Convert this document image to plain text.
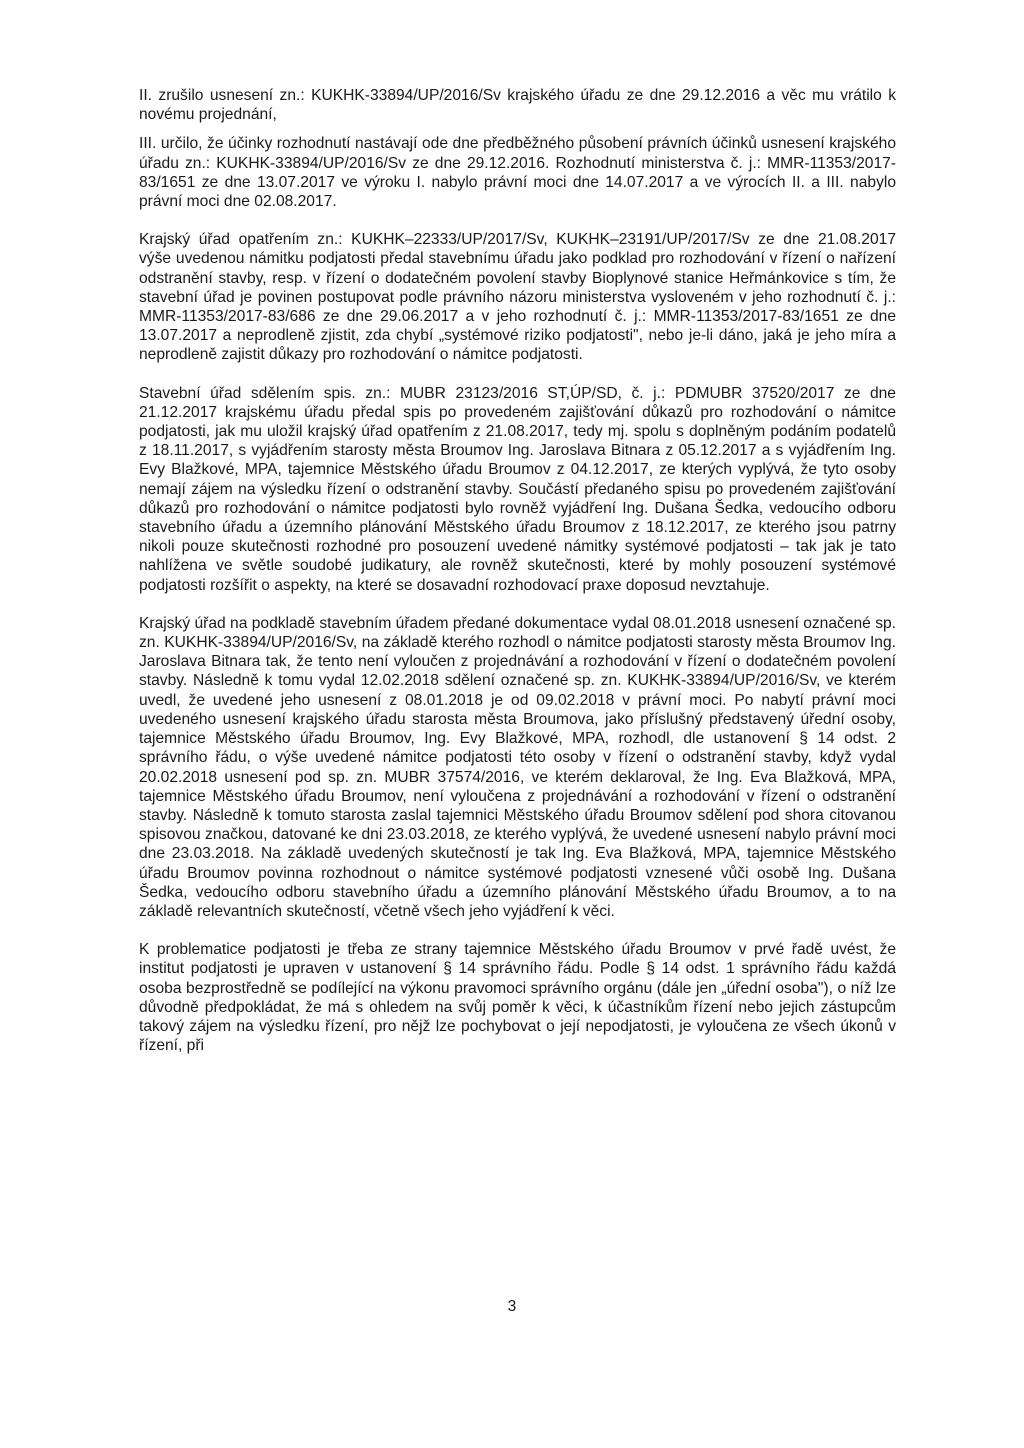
II. zrušilo usnesení zn.: KUKHK-33894/UP/2016/Sv krajského úřadu ze dne 29.12.2016 a věc mu vrátilo k novému projednání,

III. určilo, že účinky rozhodnutí nastávají ode dne předběžného působení právních účinků usnesení krajského úřadu zn.: KUKHK-33894/UP/2016/Sv ze dne 29.12.2016. Rozhodnutí ministerstva č. j.: MMR-11353/2017-83/1651 ze dne 13.07.2017 ve výroku I. nabylo právní moci dne 14.07.2017 a ve výrocích II. a III. nabylo právní moci dne 02.08.2017.

Krajský úřad opatřením zn.: KUKHK–22333/UP/2017/Sv, KUKHK–23191/UP/2017/Sv ze dne 21.08.2017 výše uvedenou námitku podjatosti předal stavebnímu úřadu jako podklad pro rozhodování v řízení o nařízení odstranění stavby, resp. v řízení o dodatečném povolení stavby Bioplynové stanice Heřmánkovice s tím, že stavební úřad je povinen postupovat podle právního názoru ministerstva vysloveném v jeho rozhodnutí č. j.: MMR-11353/2017-83/686 ze dne 29.06.2017 a v jeho rozhodnutí č. j.: MMR-11353/2017-83/1651 ze dne 13.07.2017 a neprodleně zjistit, zda chybí „systémové riziko podjatosti", nebo je-li dáno, jaká je jeho míra a neprodleně zajistit důkazy pro rozhodování o námitce podjatosti.

Stavební úřad sdělením spis. zn.: MUBR 23123/2016 ST,ÚP/SD, č. j.: PDMUBR 37520/2017 ze dne 21.12.2017 krajskému úřadu předal spis po provedeném zajišťování důkazů pro rozhodování o námitce podjatosti, jak mu uložil krajský úřad opatřením z 21.08.2017, tedy mj. spolu s doplněným podáním podatelů z 18.11.2017, s vyjádřením starosty města Broumov Ing. Jaroslava Bitnara z 05.12.2017 a s vyjádřením Ing. Evy Blažkové, MPA, tajemnice Městského úřadu Broumov z 04.12.2017, ze kterých vyplývá, že tyto osoby nemají zájem na výsledku řízení o odstranění stavby. Součástí předaného spisu po provedeném zajišťování důkazů pro rozhodování o námitce podjatosti bylo rovněž vyjádření Ing. Dušana Šedka, vedoucího odboru stavebního úřadu a územního plánování Městského úřadu Broumov z 18.12.2017, ze kterého jsou patrny nikoli pouze skutečnosti rozhodné pro posouzení uvedené námitky systémové podjatosti – tak jak je tato nahlížena ve světle soudobé judikatury, ale rovněž skutečnosti, které by mohly posouzení systémové podjatosti rozšířit o aspekty, na které se dosavadní rozhodovací praxe doposud nevztahuje.

Krajský úřad na podkladě stavebním úřadem předané dokumentace vydal 08.01.2018 usnesení označené sp. zn. KUKHK-33894/UP/2016/Sv, na základě kterého rozhodl o námitce podjatosti starosty města Broumov Ing. Jaroslava Bitnara tak, že tento není vyloučen z projednávání a rozhodování v řízení o dodatečném povolení stavby. Následně k tomu vydal 12.02.2018 sdělení označené sp. zn. KUKHK-33894/UP/2016/Sv, ve kterém uvedl, že uvedené jeho usnesení z 08.01.2018 je od 09.02.2018 v právní moci. Po nabytí právní moci uvedeného usnesení krajského úřadu starosta města Broumova, jako příslušný představený úřední osoby, tajemnice Městského úřadu Broumov, Ing. Evy Blažkové, MPA, rozhodl, dle ustanovení § 14 odst. 2 správního řádu, o výše uvedené námitce podjatosti této osoby v řízení o odstranění stavby, když vydal 20.02.2018 usnesení pod sp. zn. MUBR 37574/2016, ve kterém deklaroval, že Ing. Eva Blažková, MPA, tajemnice Městského úřadu Broumov, není vyloučena z projednávání a rozhodování v řízení o odstranění stavby. Následně k tomuto starosta zaslal tajemnici Městského úřadu Broumov sdělení pod shora citovanou spisovou značkou, datované ke dni 23.03.2018, ze kterého vyplývá, že uvedené usnesení nabylo právní moci dne 23.03.2018. Na základě uvedených skutečností je tak Ing. Eva Blažková, MPA, tajemnice Městského úřadu Broumov povinna rozhodnout o námitce systémové podjatosti vznesené vůči osobě Ing. Dušana Šedka, vedoucího odboru stavebního úřadu a územního plánování Městského úřadu Broumov, a to na základě relevantních skutečností, včetně všech jeho vyjádření k věci.

K problematice podjatosti je třeba ze strany tajemnice Městského úřadu Broumov v prvé řadě uvést, že institut podjatosti je upraven v ustanovení § 14 správního řádu. Podle § 14 odst. 1 správního řádu každá osoba bezprostředně se podílející na výkonu pravomoci správního orgánu (dále jen „úřední osoba"), o níž lze důvodně předpokládat, že má s ohledem na svůj poměr k věci, k účastníkům řízení nebo jejich zástupcům takový zájem na výsledku řízení, pro nějž lze pochybovat o její nepodjatosti, je vyloučena ze všech úkonů v řízení, při

3
